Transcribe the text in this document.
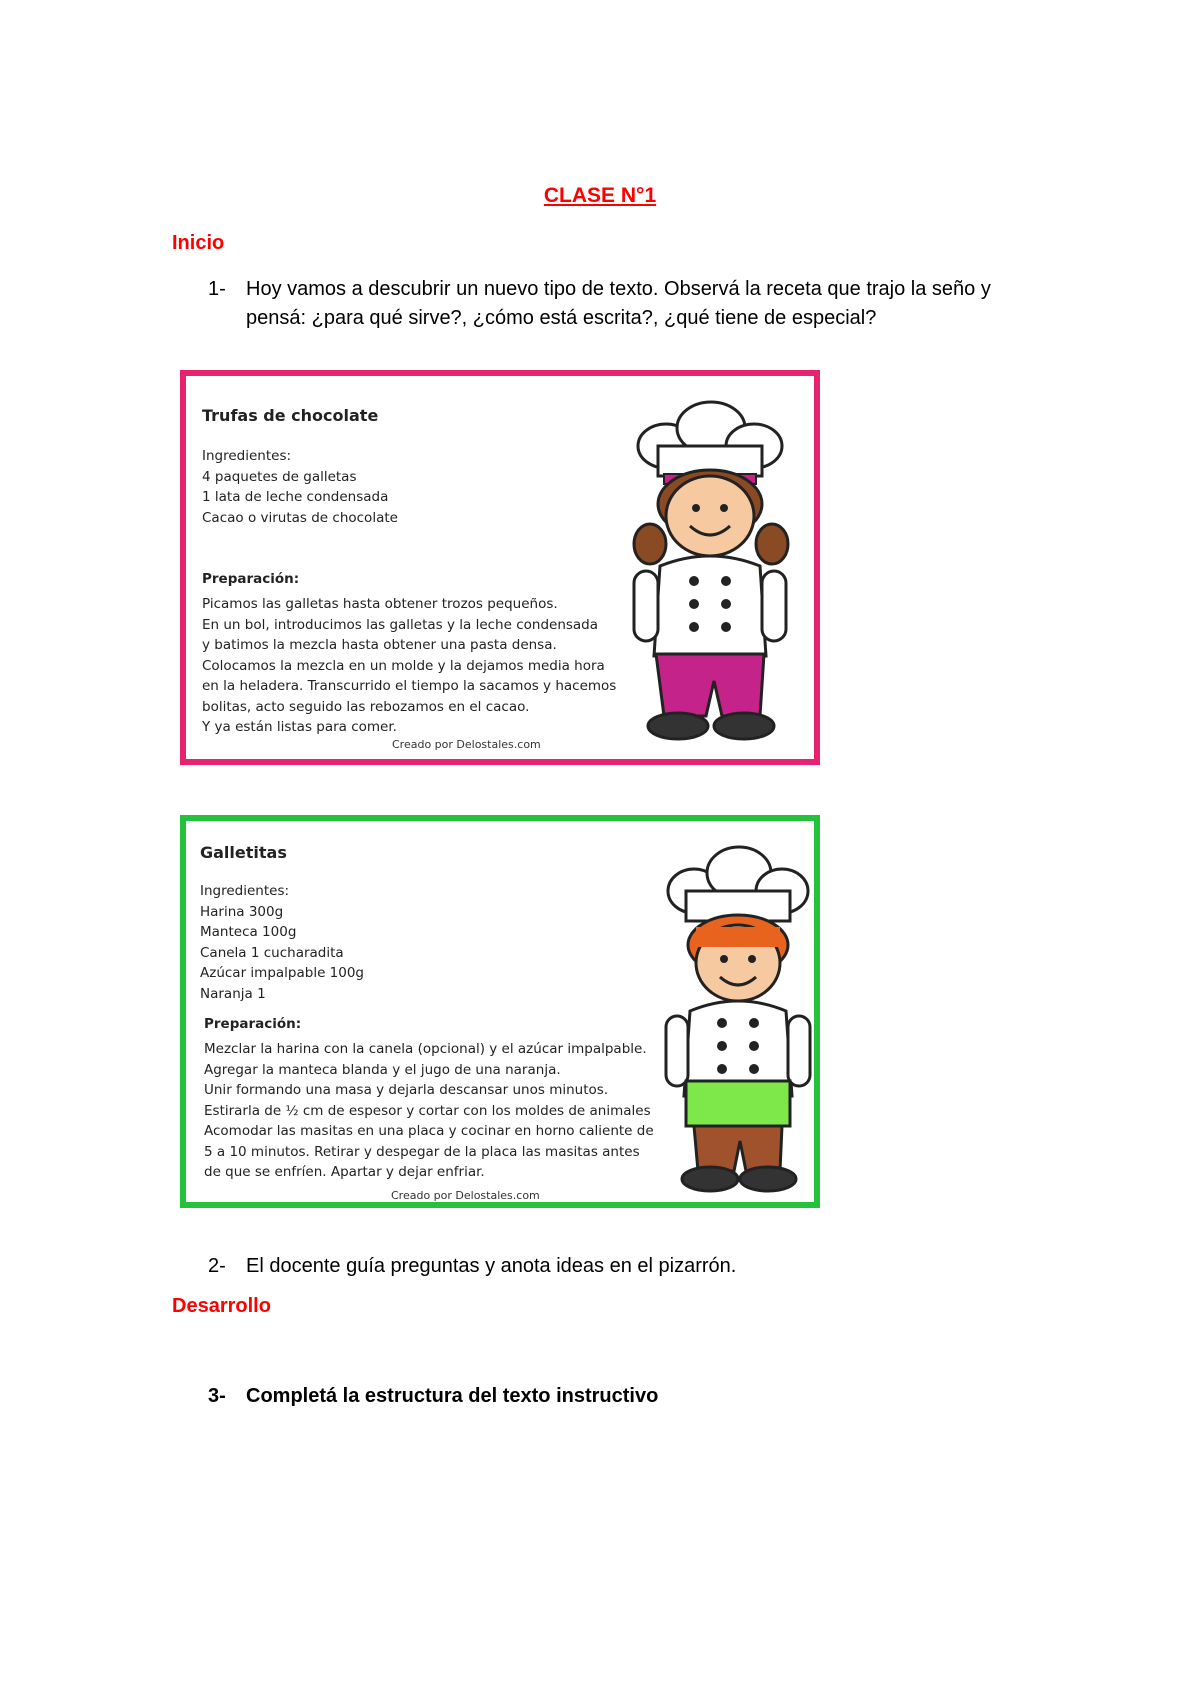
CLASE N°1
Inicio
1- Hoy vamos a descubrir un nuevo tipo de texto. Observá la receta que trajo la seño y pensá: ¿para qué sirve?, ¿cómo está escrita?, ¿qué tiene de especial?
Trufas de chocolate
Ingredientes:
4 paquetes de galletas
1 lata de leche condensada
Cacao o virutas de chocolate
Preparación:
Picamos las galletas hasta obtener trozos pequeños.
En un bol, introducimos las galletas y la leche condensada
y batimos la mezcla hasta obtener una pasta densa.
Colocamos la mezcla en un molde y la dejamos media hora
en la heladera. Transcurrido el tiempo la sacamos y hacemos
bolitas, acto seguido las rebozamos en el cacao.
Y ya están listas para comer.
Creado por Delostales.com
Galletitas
Ingredientes:
Harina 300g
Manteca 100g
Canela 1 cucharadita
Azúcar impalpable 100g
Naranja 1
Preparación:
Mezclar la harina con la canela (opcional) y el azúcar impalpable.
Agregar la manteca blanda y el jugo de una naranja.
Unir formando una masa y dejarla descansar unos minutos.
Estirarla de ½ cm de espesor y cortar con los moldes de animales
Acomodar las masitas en una placa y cocinar en horno caliente de
5 a 10 minutos. Retirar y despegar de la placa las masitas antes
de que se enfríen. Apartar y dejar enfriar.
Creado por Delostales.com
2- El docente guía preguntas y anota ideas en el pizarrón.
Desarrollo
3- Completá la estructura del texto instructivo
